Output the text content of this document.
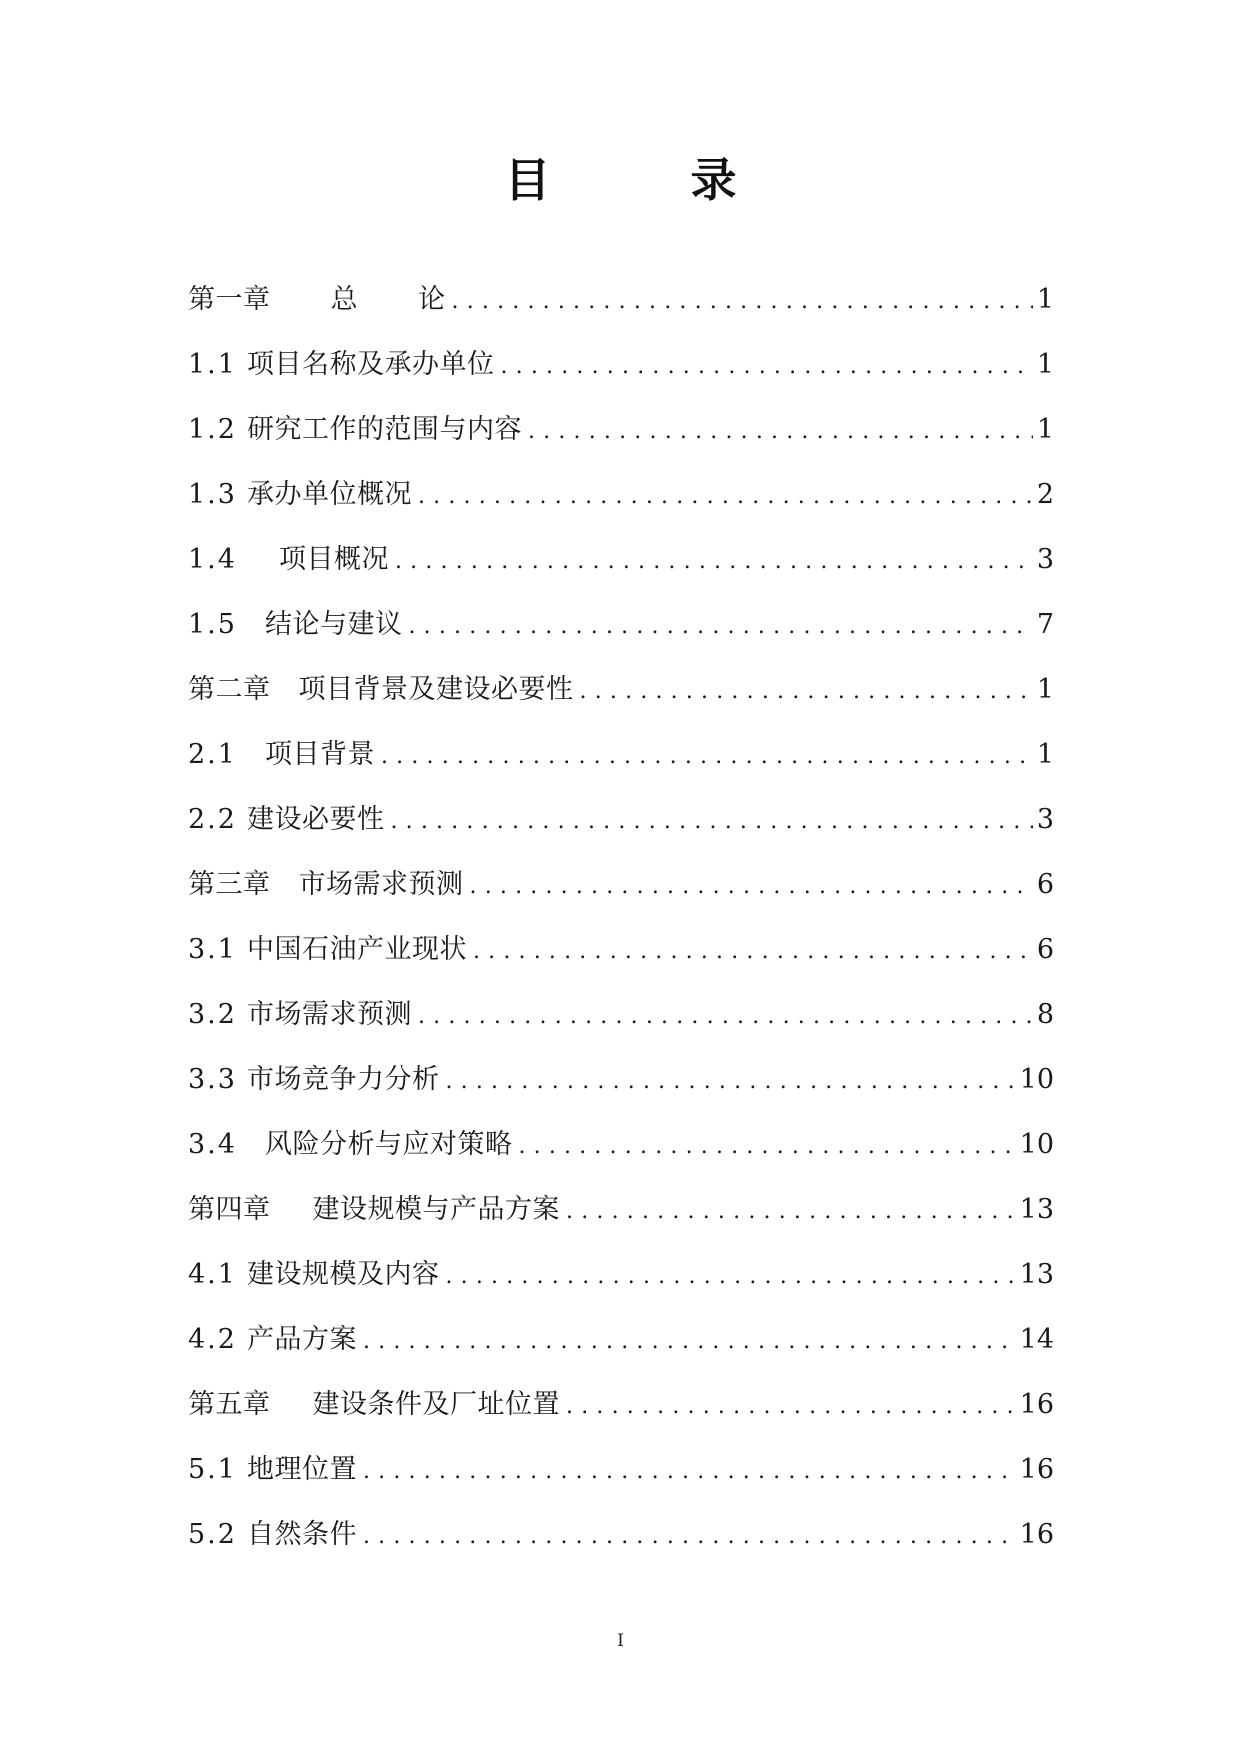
目	录
第一章 总 论 .....	1
1.1 项目名称及承办单位 .....	1
1.2 研究工作的范围与内容 .....	1
1.3 承办单位概况 .....	2
1.4 项目概况 .....	3
1.5 结论与建议 .....	7
第二章 项目背景及建设必要性 .....	1
2.1 项目背景 .....	1
2.2 建设必要性 .....	3
第三章 市场需求预测 .....	6
3.1 中国石油产业现状 .....	6
3.2 市场需求预测 .....	8
3.3 市场竞争力分析 .....	10
3.4 风险分析与应对策略 .....	10
第四章 建设规模与产品方案 .....	13
4.1 建设规模及内容 .....	13
4.2 产品方案 .....	14
第五章 建设条件及厂址位置 .....	16
5.1 地理位置 .....	16
5.2 自然条件 .....	16
I
